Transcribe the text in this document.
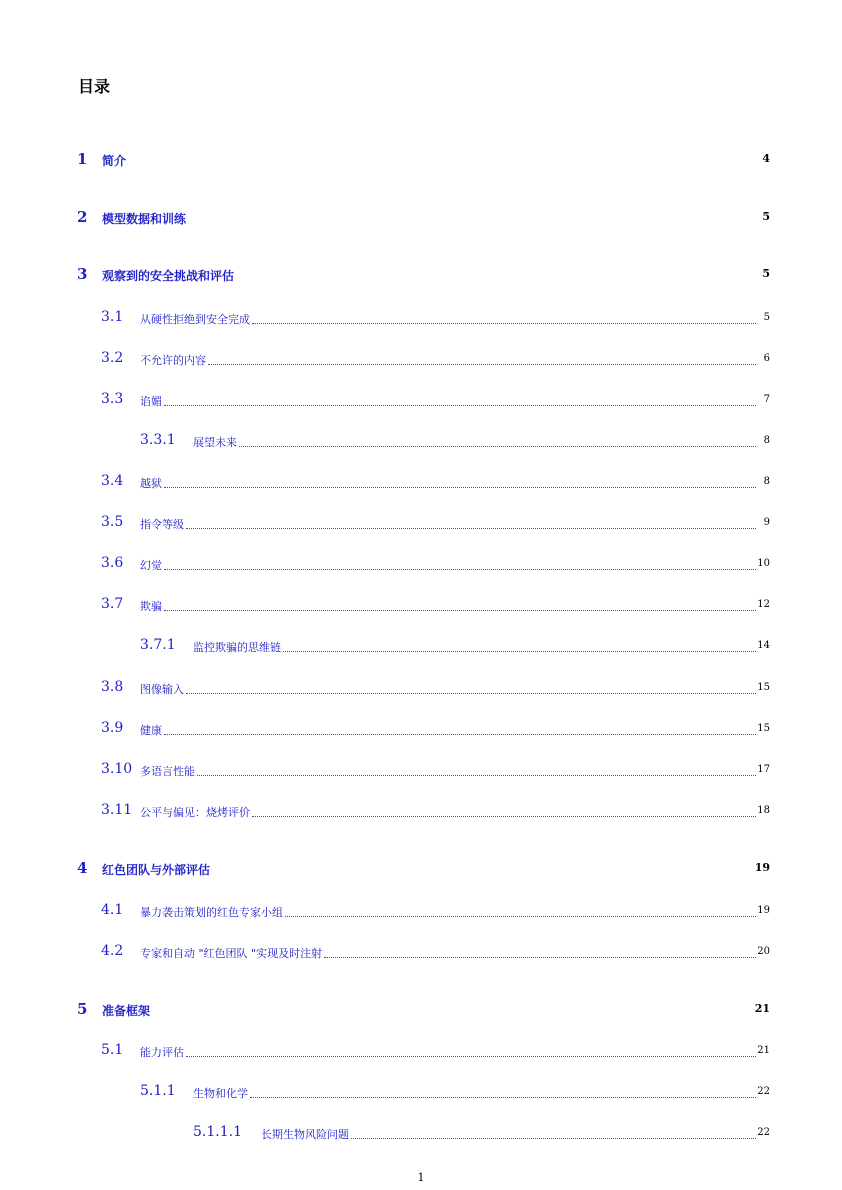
目录
1 简介	4
2 模型数据和训练	5
3 观察到的安全挑战和评估	5
3.1 从硬性拒绝到安全完成	5
3.2 不允许的内容	6
3.3 谄媚	7
3.3.1 展望未来	8
3.4 越狱	8
3.5 指令等级	9
3.6 幻觉	10
3.7 欺骗	12
3.7.1 监控欺骗的思维链	14
3.8 图像输入	15
3.9 健康	15
3.10 多语言性能	17
3.11 公平与偏见：烧烤评价	18
4 红色团队与外部评估	19
4.1 暴力袭击策划的红色专家小组	19
4.2 专家和自动 "红色团队 "实现及时注射	20
5 准备框架	21
5.1 能力评估	21
5.1.1 生物和化学	22
5.1.1.1 长期生物风险问题	22
1
